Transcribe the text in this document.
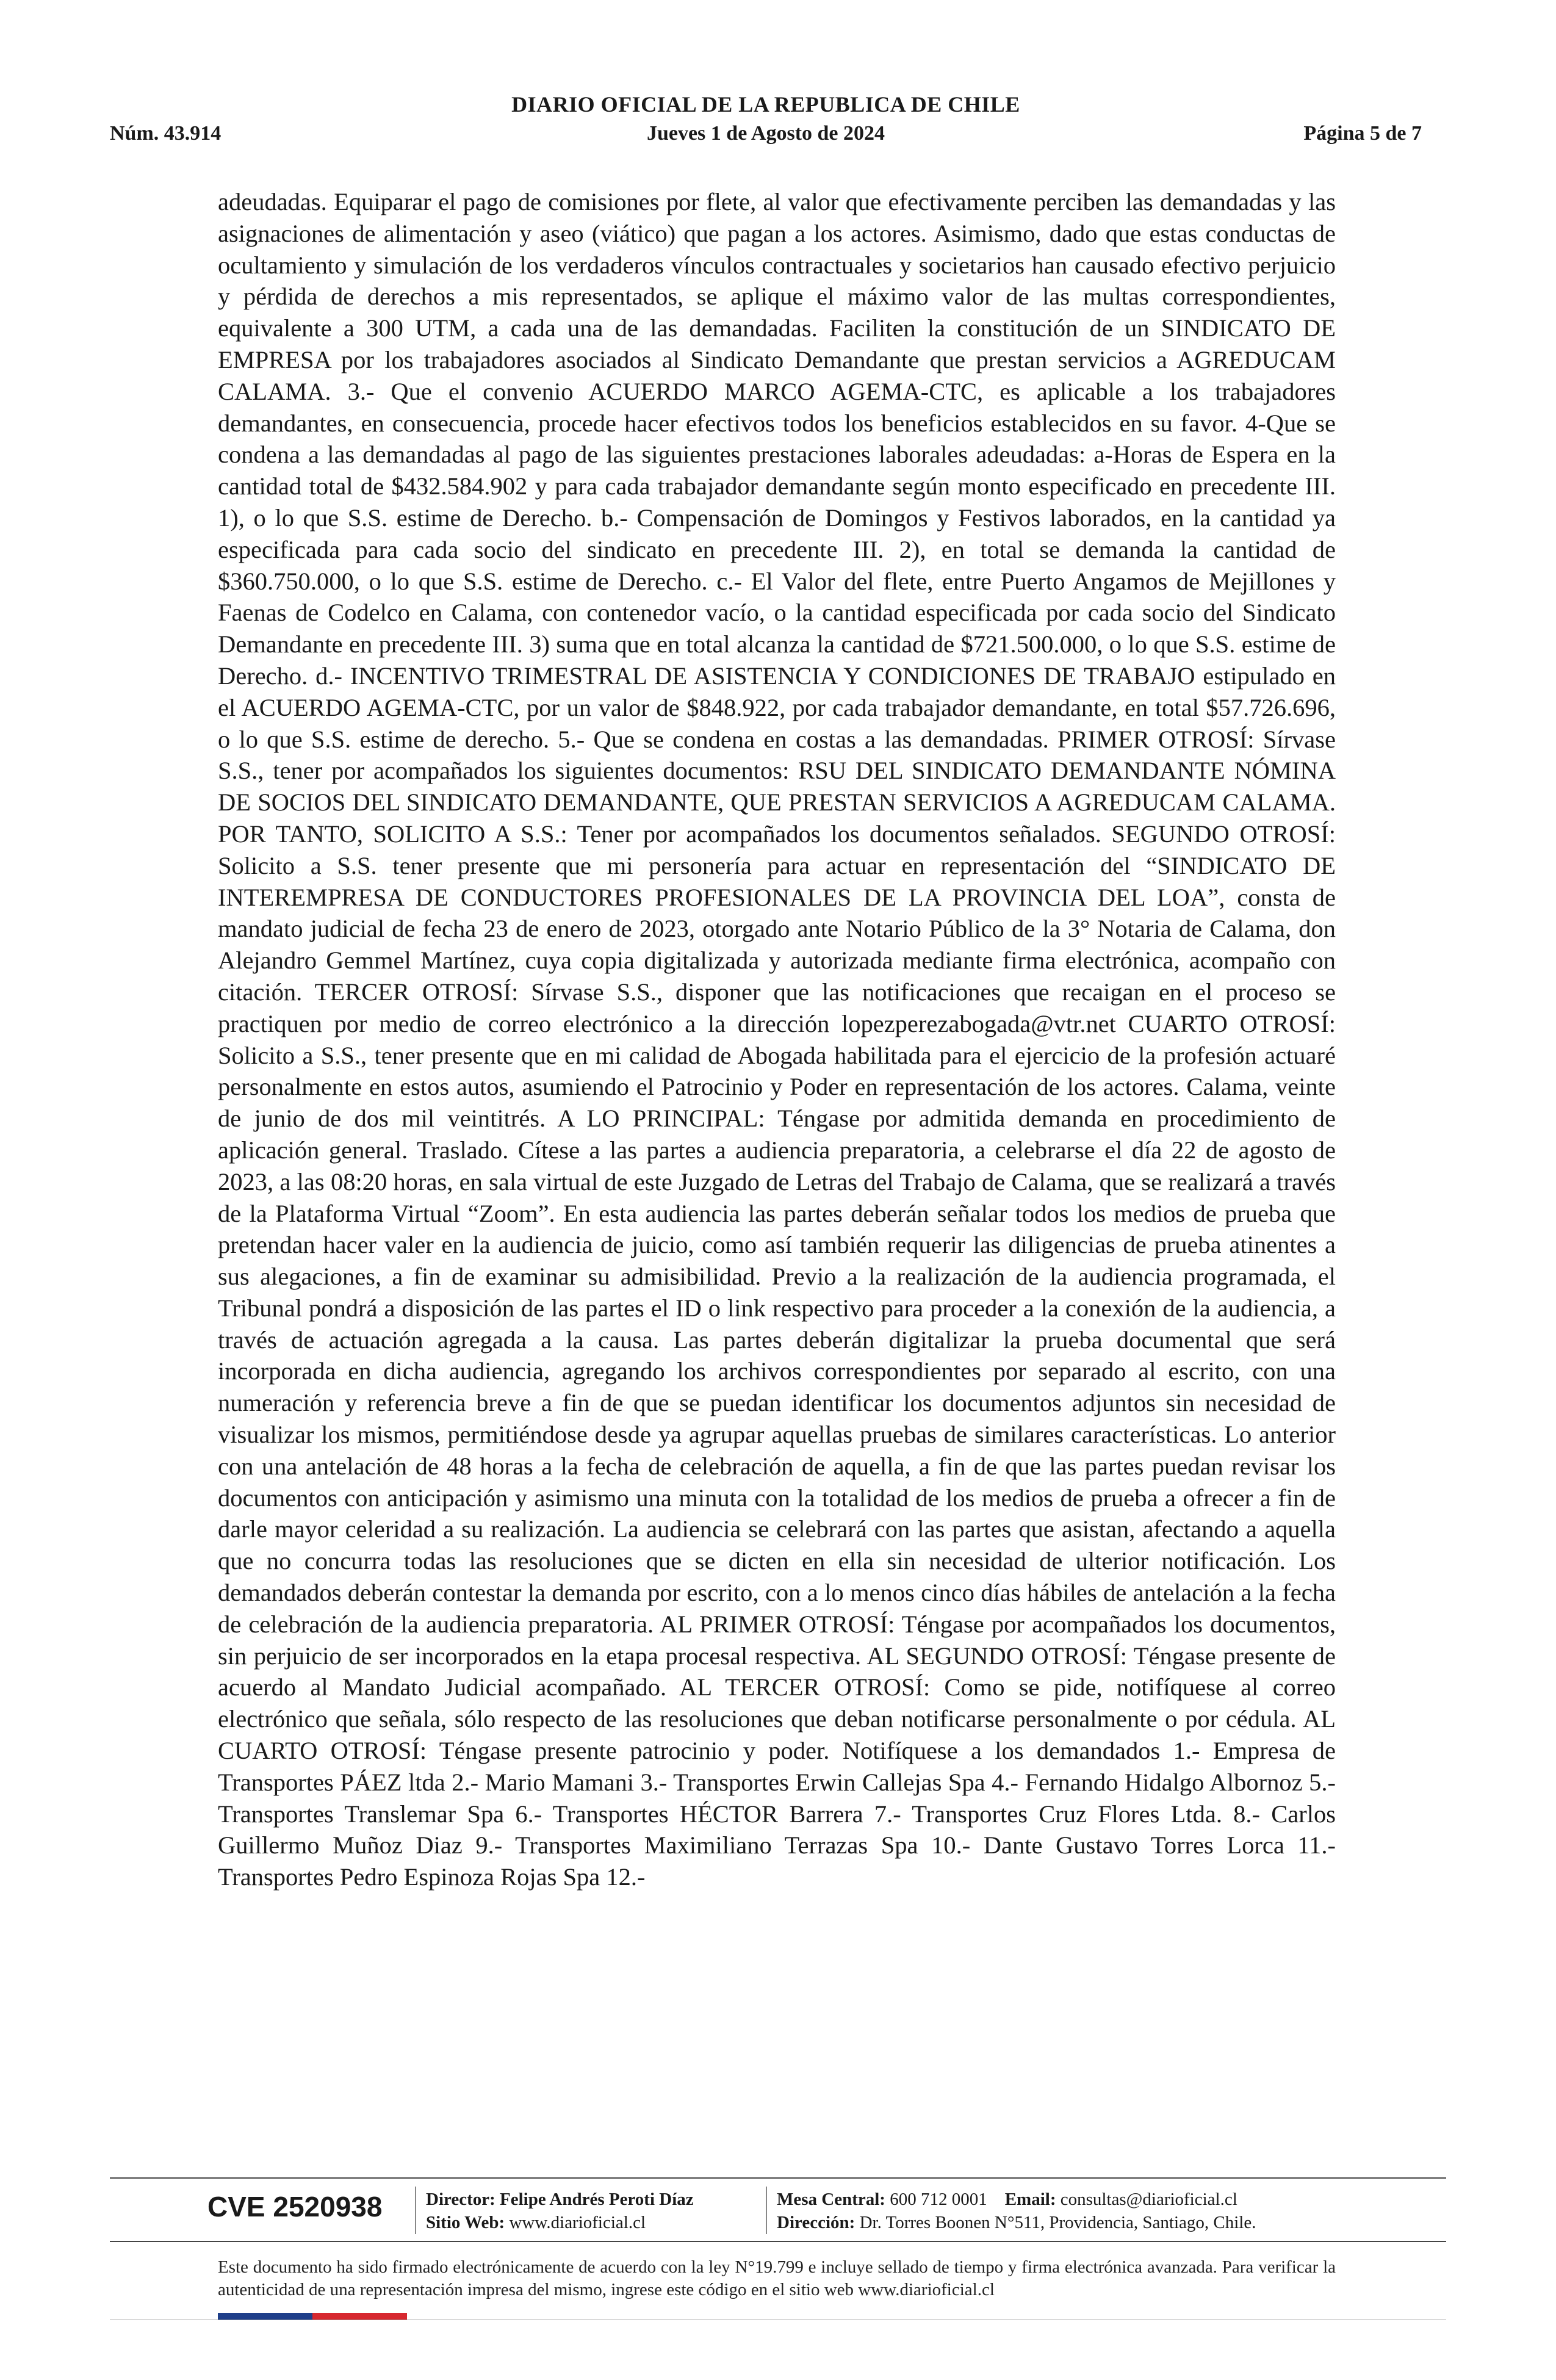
DIARIO OFICIAL DE LA REPUBLICA DE CHILE
Núm. 43.914	Jueves 1 de Agosto de 2024	Página 5 de 7

adeudadas. Equiparar el pago de comisiones por flete, al valor que efectivamente perciben las demandadas y las asignaciones de alimentación y aseo (viático) que pagan a los actores. Asimismo, dado que estas conductas de ocultamiento y simulación de los verdaderos vínculos contractuales y societarios han causado efectivo perjuicio y pérdida de derechos a mis representados, se aplique el máximo valor de las multas correspondientes, equivalente a 300 UTM, a cada una de las demandadas. Faciliten la constitución de un SINDICATO DE EMPRESA por los trabajadores asociados al Sindicato Demandante que prestan servicios a AGREDUCAM CALAMA. 3.- Que el convenio ACUERDO MARCO AGEMA-CTC, es aplicable a los trabajadores demandantes, en consecuencia, procede hacer efectivos todos los beneficios establecidos en su favor. 4-Que se condena a las demandadas al pago de las siguientes prestaciones laborales adeudadas: a-Horas de Espera en la cantidad total de $432.584.902 y para cada trabajador demandante según monto especificado en precedente III. 1), o lo que S.S. estime de Derecho. b.- Compensación de Domingos y Festivos laborados, en la cantidad ya especificada para cada socio del sindicato en precedente III. 2), en total se demanda la cantidad de $360.750.000, o lo que S.S. estime de Derecho. c.- El Valor del flete, entre Puerto Angamos de Mejillones y Faenas de Codelco en Calama, con contenedor vacío, o la cantidad especificada por cada socio del Sindicato Demandante en precedente III. 3) suma que en total alcanza la cantidad de $721.500.000, o lo que S.S. estime de Derecho. d.- INCENTIVO TRIMESTRAL DE ASISTENCIA Y CONDICIONES DE TRABAJO estipulado en el ACUERDO AGEMA-CTC, por un valor de $848.922, por cada trabajador demandante, en total $57.726.696, o lo que S.S. estime de derecho. 5.- Que se condena en costas a las demandadas. PRIMER OTROSÍ: Sírvase S.S., tener por acompañados los siguientes documentos: RSU DEL SINDICATO DEMANDANTE NÓMINA DE SOCIOS DEL SINDICATO DEMANDANTE, QUE PRESTAN SERVICIOS A AGREDUCAM CALAMA. POR TANTO, SOLICITO A S.S.: Tener por acompañados los documentos señalados. SEGUNDO OTROSÍ: Solicito a S.S. tener presente que mi personería para actuar en representación del “SINDICATO DE INTEREMPRESA DE CONDUCTORES PROFESIONALES DE LA PROVINCIA DEL LOA”, consta de mandato judicial de fecha 23 de enero de 2023, otorgado ante Notario Público de la 3° Notaria de Calama, don Alejandro Gemmel Martínez, cuya copia digitalizada y autorizada mediante firma electrónica, acompaño con citación. TERCER OTROSÍ: Sírvase S.S., disponer que las notificaciones que recaigan en el proceso se practiquen por medio de correo electrónico a la dirección lopezperezabogada@vtr.net CUARTO OTROSÍ: Solicito a S.S., tener presente que en mi calidad de Abogada habilitada para el ejercicio de la profesión actuaré personalmente en estos autos, asumiendo el Patrocinio y Poder en representación de los actores. Calama, veinte de junio de dos mil veintitrés. A LO PRINCIPAL: Téngase por admitida demanda en procedimiento de aplicación general. Traslado. Cítese a las partes a audiencia preparatoria, a celebrarse el día 22 de agosto de 2023, a las 08:20 horas, en sala virtual de este Juzgado de Letras del Trabajo de Calama, que se realizará a través de la Plataforma Virtual “Zoom”. En esta audiencia las partes deberán señalar todos los medios de prueba que pretendan hacer valer en la audiencia de juicio, como así también requerir las diligencias de prueba atinentes a sus alegaciones, a fin de examinar su admisibilidad. Previo a la realización de la audiencia programada, el Tribunal pondrá a disposición de las partes el ID o link respectivo para proceder a la conexión de la audiencia, a través de actuación agregada a la causa. Las partes deberán digitalizar la prueba documental que será incorporada en dicha audiencia, agregando los archivos correspondientes por separado al escrito, con una numeración y referencia breve a fin de que se puedan identificar los documentos adjuntos sin necesidad de visualizar los mismos, permitiéndose desde ya agrupar aquellas pruebas de similares características. Lo anterior con una antelación de 48 horas a la fecha de celebración de aquella, a fin de que las partes puedan revisar los documentos con anticipación y asimismo una minuta con la totalidad de los medios de prueba a ofrecer a fin de darle mayor celeridad a su realización. La audiencia se celebrará con las partes que asistan, afectando a aquella que no concurra todas las resoluciones que se dicten en ella sin necesidad de ulterior notificación. Los demandados deberán contestar la demanda por escrito, con a lo menos cinco días hábiles de antelación a la fecha de celebración de la audiencia preparatoria. AL PRIMER OTROSÍ: Téngase por acompañados los documentos, sin perjuicio de ser incorporados en la etapa procesal respectiva. AL SEGUNDO OTROSÍ: Téngase presente de acuerdo al Mandato Judicial acompañado. AL TERCER OTROSÍ: Como se pide, notifíquese al correo electrónico que señala, sólo respecto de las resoluciones que deban notificarse personalmente o por cédula. AL CUARTO OTROSÍ: Téngase presente patrocinio y poder. Notifíquese a los demandados 1.- Empresa de Transportes PÁEZ ltda 2.- Mario Mamani 3.- Transportes Erwin Callejas Spa 4.- Fernando Hidalgo Albornoz 5.- Transportes Translemar Spa 6.- Transportes HÉCTOR Barrera 7.- Transportes Cruz Flores Ltda. 8.- Carlos Guillermo Muñoz Diaz 9.- Transportes Maximiliano Terrazas Spa 10.- Dante Gustavo Torres Lorca 11.- Transportes Pedro Espinoza Rojas Spa 12.-

CVE 2520938 Director: Felipe Andrés Peroti Díaz
Sitio Web: www.diarioficial.cl
Mesa Central: 600 712 0001 Email: consultas@diarioficial.cl
Dirección: Dr. Torres Boonen N°511, Providencia, Santiago, Chile.

Este documento ha sido firmado electrónicamente de acuerdo con la ley N°19.799 e incluye sellado de tiempo y firma electrónica avanzada. Para verificar la autenticidad de una representación impresa del mismo, ingrese este código en el sitio web www.diarioficial.cl
